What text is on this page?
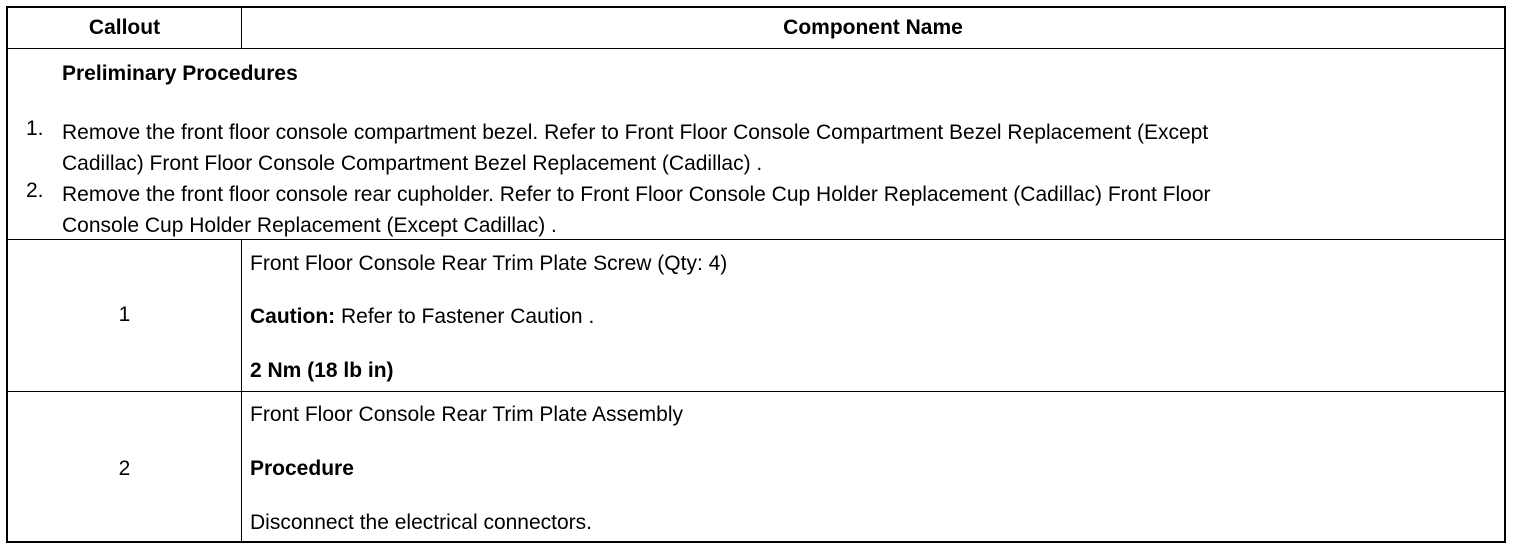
Callout	Component Name
Preliminary Procedures
1. Remove the front floor console compartment bezel. Refer to Front Floor Console Compartment Bezel Replacement (Except
Cadillac) Front Floor Console Compartment Bezel Replacement (Cadillac) .
2. Remove the front floor console rear cupholder. Refer to Front Floor Console Cup Holder Replacement (Cadillac) Front Floor
Console Cup Holder Replacement (Except Cadillac) .
1
Front Floor Console Rear Trim Plate Screw (Qty: 4)
Caution: Refer to Fastener Caution .
2 Nm (18 lb in)
2
Front Floor Console Rear Trim Plate Assembly
Procedure
Disconnect the electrical connectors.
